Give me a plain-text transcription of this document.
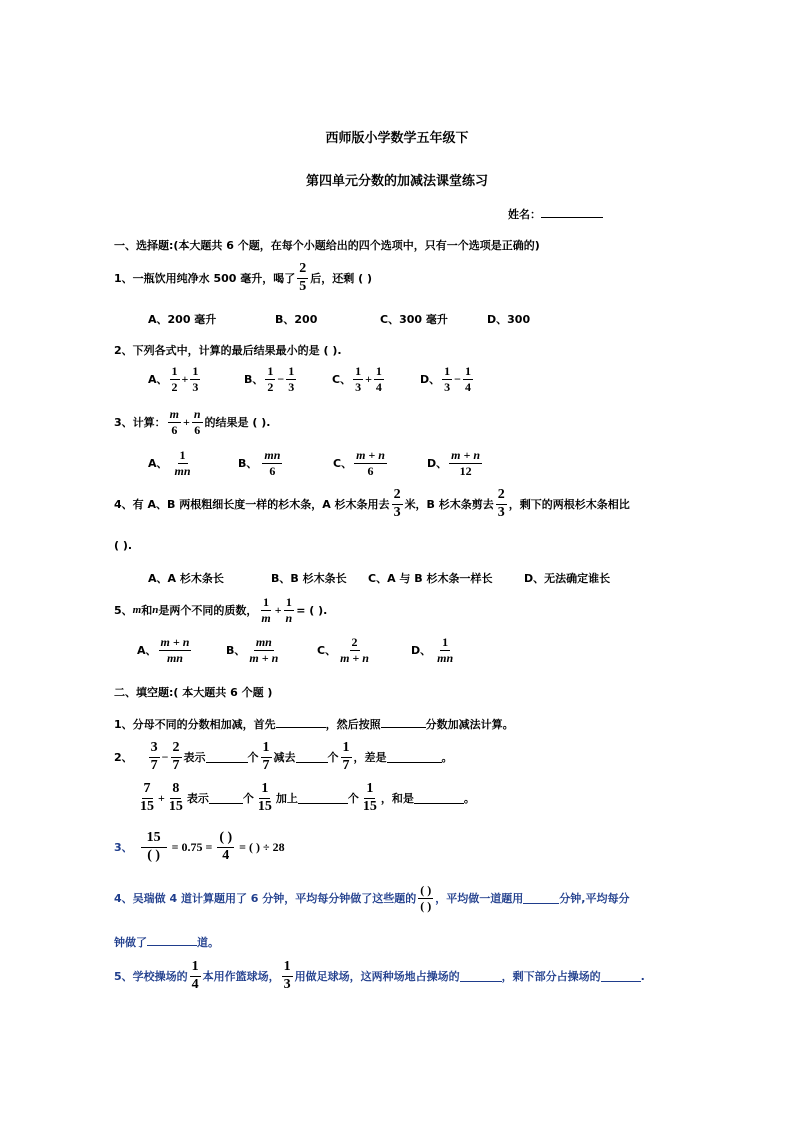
西师版小学数学五年级下
第四单元分数的加减法课堂练习
姓名：
一、选择题:(本大题共 6 个题，在每个小题给出的四个选项中，只有一个选项是正确的)
1、一瓶饮用纯净水 500 毫升，喝了 $\frac{2}{5}$ 后，还剩 ( )
A、200 毫升	B、200	C、300 毫升	D、300
2、下列各式中，计算的最后结果最小的是 ( ).
A、 $\frac{1}{2} + \frac{1}{3}$	B、 $\frac{1}{2} - \frac{1}{3}$	C、 $\frac{1}{3} + \frac{1}{4}$	D、 $\frac{1}{3} - \frac{1}{4}$
3、计算： $\frac{m}{6} + \frac{n}{6}$ 的结果是 ( ).
A、 $\frac{1}{mn}$	B、 $\frac{mn}{6}$	C、 $\frac{m + n}{6}$	D、 $\frac{m + n}{12}$
4、有 A、B 两根粗细长度一样的杉木条，A 杉木条用去 $\frac{2}{3}$ 米，B 杉木条剪去 $\frac{2}{3}$ ，剩下的两根杉木条相比
( ).
A、A 杉木条长	B、B 杉木条长 C、A 与 B 杉木条一样长	D、无法确定谁长
5、 m 和 n 是两个不同的质数， $\frac{1}{m} + \frac{1}{n}$ = ( ).
A、 $\frac{m + n}{mn}$	B、 $\frac{mn}{m + n}$	C、 $\frac{2}{m + n}$	D、 $\frac{1}{mn}$
二、填空题:( 本大题共 6 个题 )
1、分母不同的分数相加减，首先	，然后按照	分数加减法计算。
2、 $\frac{3}{7} - \frac{2}{7}$ 表示	个 $\frac{1}{7}$ 减去	个 $\frac{1}{7}$ ，差是	。
$\frac{7}{15} + \frac{8}{15}$ 表示	个 $\frac{1}{15}$ 加上	个 $\frac{1}{15}$ ，和是	。
3、 $\frac{15}{( )} = 0.75 = \frac{( )}{4}$ = ( ) ÷ 28
4、吴瑞做 4 道计算题用了 6 分钟，平均每分钟做了这些题的 $\frac{( )}{( )}$ ，平均做一道题用	分钟,平均每分
钟做了	道。
5、学校操场的 $\frac{1}{4}$ 本用作篮球场， $\frac{1}{3}$ 用做足球场，这两种场地占操场的	，剩下部分占操场的	.
